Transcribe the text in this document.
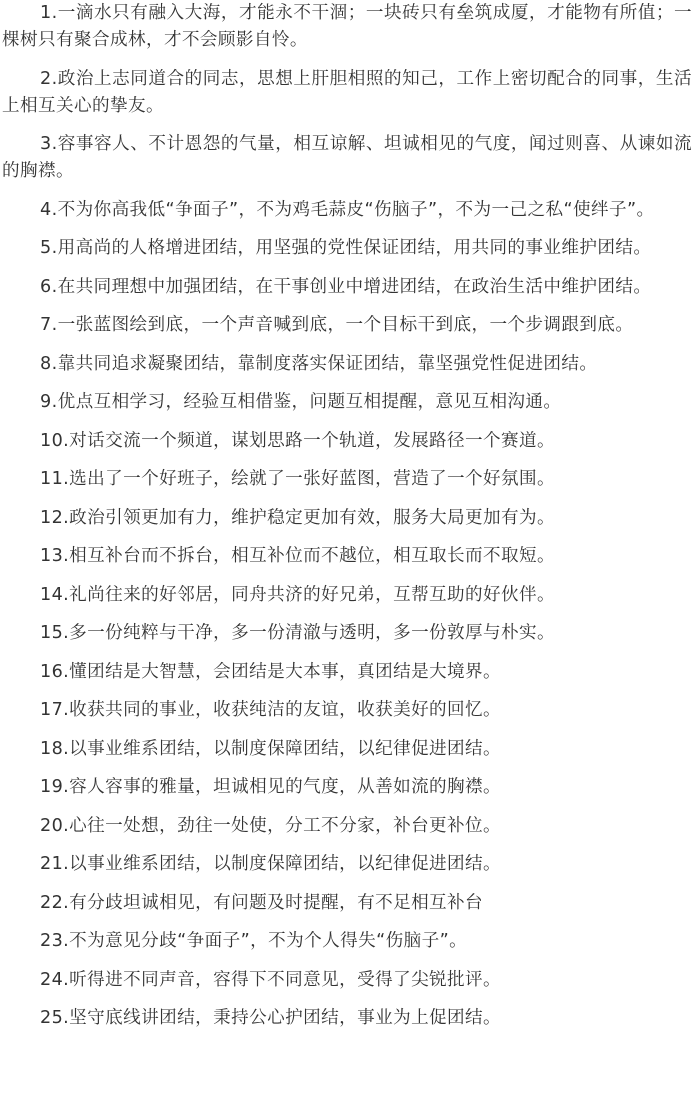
1.一滴水只有融入大海，才能永不干涸；一块砖只有垒筑成厦，才能物有所值；一棵树只有聚合成林，才不会顾影自怜。

2.政治上志同道合的同志，思想上肝胆相照的知己，工作上密切配合的同事，生活上相互关心的挚友。

3.容事容人、不计恩怨的气量，相互谅解、坦诚相见的气度，闻过则喜、从谏如流的胸襟。

4.不为你高我低“争面子”，不为鸡毛蒜皮“伤脑子”，不为一己之私“使绊子”。

5.用高尚的人格增进团结，用坚强的党性保证团结，用共同的事业维护团结。

6.在共同理想中加强团结，在干事创业中增进团结，在政治生活中维护团结。

7.一张蓝图绘到底，一个声音喊到底，一个目标干到底，一个步调跟到底。

8.靠共同追求凝聚团结，靠制度落实保证团结，靠坚强党性促进团结。

9.优点互相学习，经验互相借鉴，问题互相提醒，意见互相沟通。

10.对话交流一个频道，谋划思路一个轨道，发展路径一个赛道。

11.选出了一个好班子，绘就了一张好蓝图，营造了一个好氛围。

12.政治引领更加有力，维护稳定更加有效，服务大局更加有为。

13.相互补台而不拆台，相互补位而不越位，相互取长而不取短。

14.礼尚往来的好邻居，同舟共济的好兄弟，互帮互助的好伙伴。

15.多一份纯粹与干净，多一份清澈与透明，多一份敦厚与朴实。

16.懂团结是大智慧，会团结是大本事，真团结是大境界。

17.收获共同的事业，收获纯洁的友谊，收获美好的回忆。

18.以事业维系团结，以制度保障团结，以纪律促进团结。

19.容人容事的雅量，坦诚相见的气度，从善如流的胸襟。

20.心往一处想，劲往一处使，分工不分家，补台更补位。

21.以事业维系团结，以制度保障团结，以纪律促进团结。

22.有分歧坦诚相见，有问题及时提醒，有不足相互补台

23.不为意见分歧“争面子”，不为个人得失“伤脑子”。

24.听得进不同声音，容得下不同意见，受得了尖锐批评。

25.坚守底线讲团结，秉持公心护团结，事业为上促团结。
